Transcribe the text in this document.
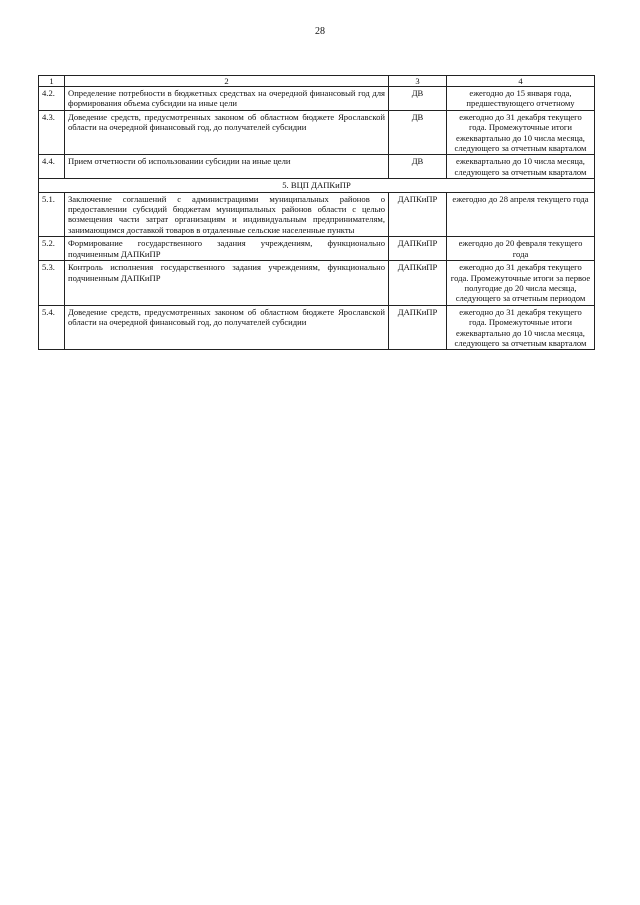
28
1	2	3	4
4.2.	Определение потребности в бюджетных средствах на очередной финансовый год для формирования объема субсидии на иные цели	ДВ	ежегодно до 15 января года, предшествующего отчетному
4.3.	Доведение средств, предусмотренных законом об областном бюджете Ярославской области на очередной финансовый год, до получателей субсидии	ДВ	ежегодно до 31 декабря текущего года. Промежуточные итоги ежеквартально до 10 числа месяца, следующего за отчетным кварталом
4.4.	Прием отчетности об использовании субсидии на иные цели	ДВ	ежеквартально до 10 числа месяца, следующего за отчетным кварталом
5. ВЦП ДАПКиПР			
5.1.	Заключение соглашений с администрациями муниципальных районов о предоставлении субсидий бюджетам муниципальных районов области с целью возмещения части затрат организациям и индивидуальным предпринимателям, занимающимся доставкой товаров в отдаленные сельские населенные пункты	ДАПКиПР	ежегодно до 28 апреля текущего года
5.2.	Формирование государственного задания учреждениям, функционально подчиненным ДАПКиПР	ДАПКиПР	ежегодно до 20 февраля текущего года
5.3.	Контроль исполнения государственного задания учреждениям, функционально подчиненным ДАПКиПР	ДАПКиПР	ежегодно до 31 декабря текущего года. Промежуточные итоги за первое полугодие до 20 числа месяца, следующего за отчетным периодом
5.4.	Доведение средств, предусмотренных законом об областном бюджете Ярославской области на очередной финансовый год, до получателей субсидии	ДАПКиПР	ежегодно до 31 декабря текущего года. Промежуточные итоги ежеквартально до 10 числа месяца, следующего за отчетным кварталом
